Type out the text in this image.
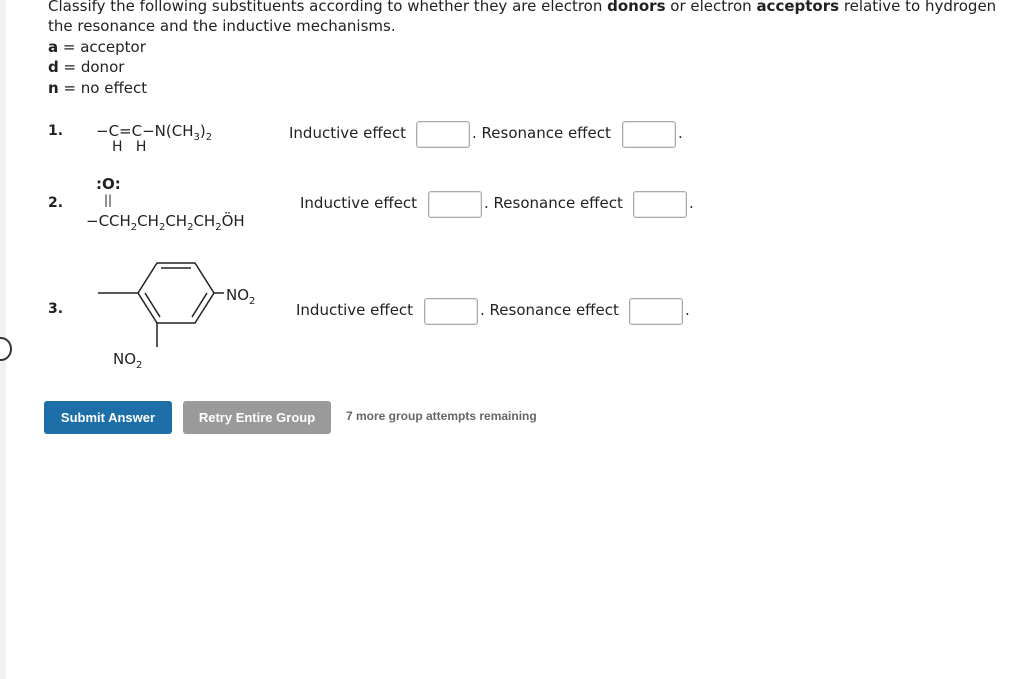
Classify the following substituents according to whether they are electron donors or electron acceptors relative to hydrogen
the resonance and the inductive mechanisms.
a = acceptor
d = donor
n = no effect
1. $-C=C-N(CH_3)_2$
H   H
Inductive effect	. Resonance effect	.
2.
:O:
||
$-CCH_2CH_2CH_2CH_2ÖH$
Inductive effect	. Resonance effect	.
3.
$NO_2$
$NO_2$
Inductive effect	. Resonance effect	.
Submit Answer	Retry Entire Group	7 more group attempts remaining
